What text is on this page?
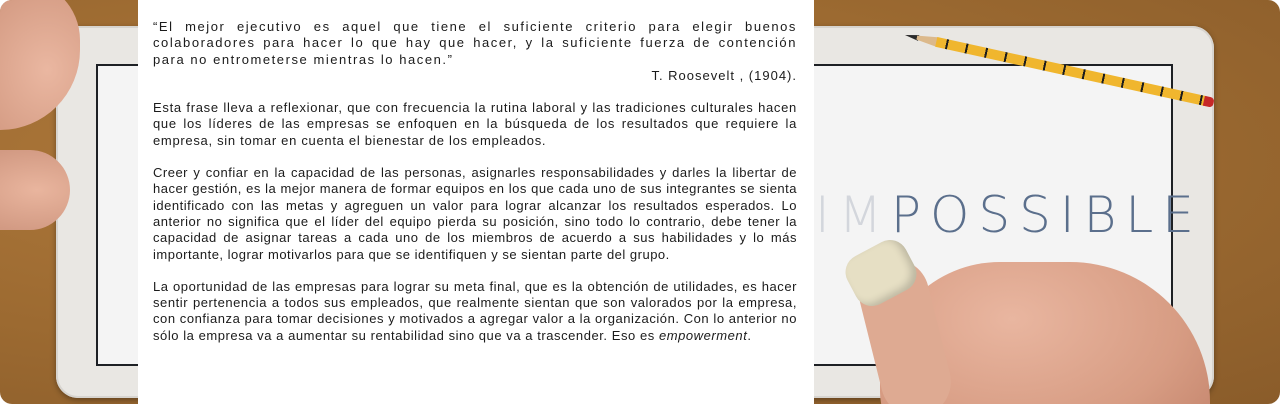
IMPOSSIBLE

“El mejor ejecutivo es aquel que tiene el suficiente criterio para elegir buenos colaboradores para hacer lo que hay que hacer, y la suficiente fuerza de contención para no entrometerse mientras lo hacen.”

T. Roosevelt , (1904).

Esta frase lleva a reflexionar, que con frecuencia la rutina laboral y las tradiciones culturales hacen que los líderes de las empresas se enfoquen en la búsqueda de los resultados que requiere la empresa, sin tomar en cuenta el bienestar de los empleados.

Creer y confiar en la capacidad de las personas, asignarles responsabilidades y darles la libertar de hacer gestión, es la mejor manera de formar equipos en los que cada uno de sus integrantes se sienta identificado con las metas y agreguen un valor para lograr alcanzar los resultados esperados. Lo anterior no significa que el líder del equipo pierda su posición, sino todo lo contrario, debe tener la capacidad de asignar tareas a cada uno de los miembros de acuerdo a sus habilidades y lo más importante, lograr motivarlos para que se identifiquen y se sientan parte del grupo.

La oportunidad de las empresas para lograr su meta final, que es la obtención de utilidades, es hacer sentir pertenencia a todos sus empleados, que realmente sientan que son valorados por la empresa, con confianza para tomar decisiones y motivados a agregar valor a la organización. Con lo anterior no sólo la empresa va a aumentar su rentabilidad sino que va a trascender. Eso es empowerment.
